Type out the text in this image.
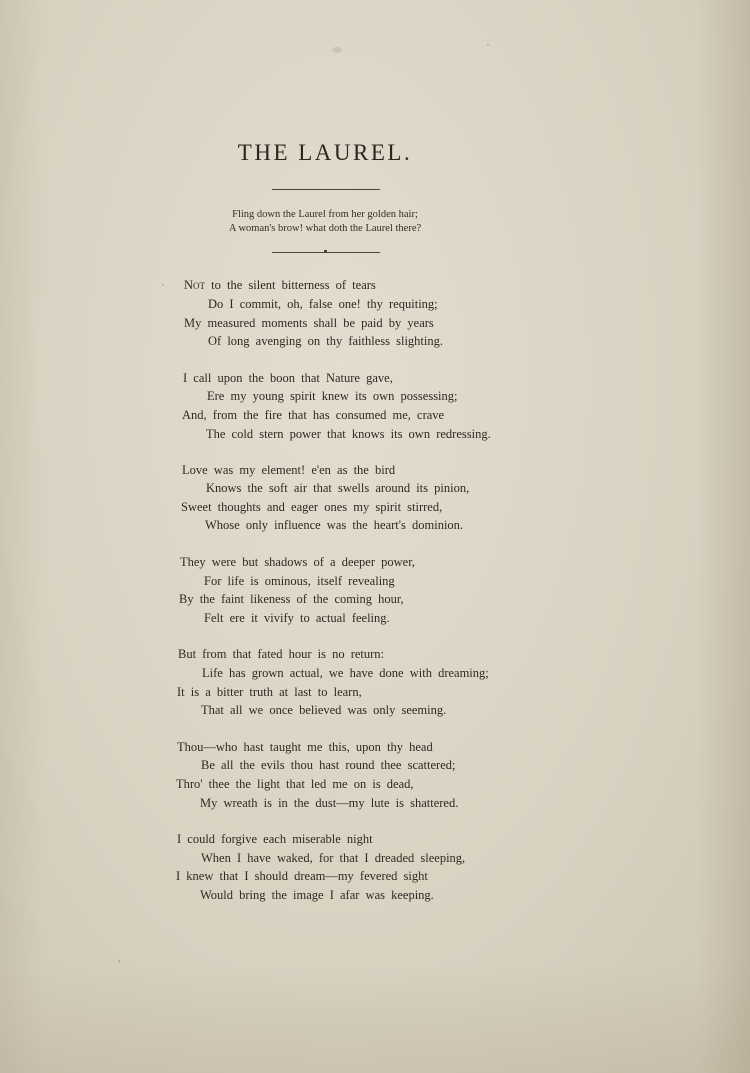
THE LAUREL.
Fling down the Laurel from her golden hair;
A woman's brow! what doth the Laurel there?
Not to the silent bitterness of tears
Do I commit, oh, false one! thy requiting;
My measured moments shall be paid by years
Of long avenging on thy faithless slighting.
I call upon the boon that Nature gave,
Ere my young spirit knew its own possessing;
And, from the fire that has consumed me, crave
The cold stern power that knows its own redressing.
Love was my element! e'en as the bird
Knows the soft air that swells around its pinion,
Sweet thoughts and eager ones my spirit stirred,
Whose only influence was the heart's dominion.
They were but shadows of a deeper power,
For life is ominous, itself revealing
By the faint likeness of the coming hour,
Felt ere it vivify to actual feeling.
But from that fated hour is no return:
Life has grown actual, we have done with dreaming;
It is a bitter truth at last to learn,
That all we once believed was only seeming.
Thou—who hast taught me this, upon thy head
Be all the evils thou hast round thee scattered;
Thro' thee the light that led me on is dead,
My wreath is in the dust—my lute is shattered.
I could forgive each miserable night
When I have waked, for that I dreaded sleeping,
I knew that I should dream—my fevered sight
Would bring the image I afar was keeping.
